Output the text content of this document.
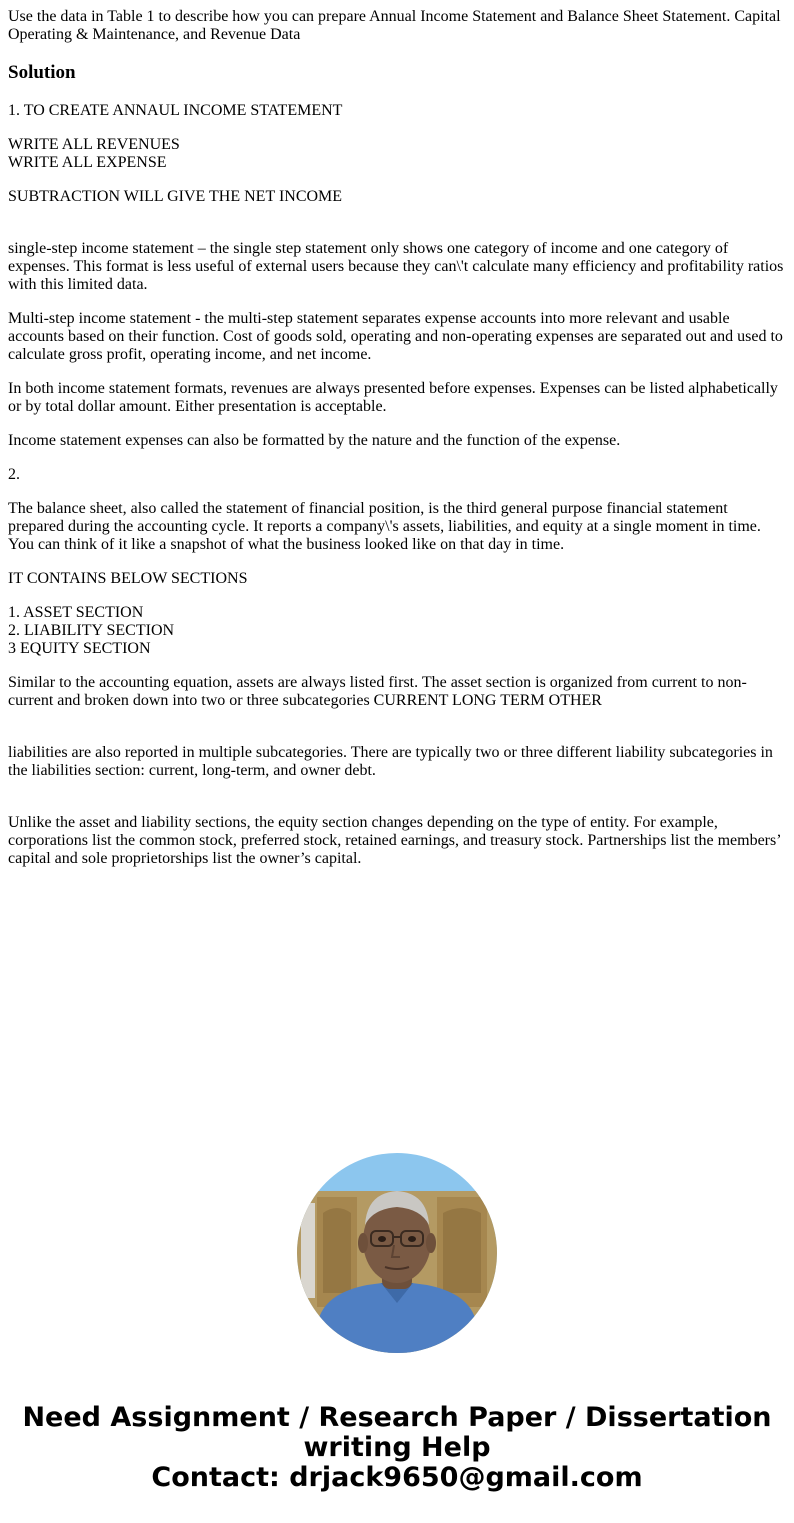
Use the data in Table 1 to describe how you can prepare Annual Income Statement and Balance Sheet Statement. Capital Operating & Maintenance, and Revenue Data

Solution

1. TO CREATE ANNAUL INCOME STATEMENT

WRITE ALL REVENUES
WRITE ALL EXPENSE

SUBTRACTION WILL GIVE THE NET INCOME

single-step income statement – the single step statement only shows one category of income and one category of expenses. This format is less useful of external users because they can\'t calculate many efficiency and profitability ratios with this limited data.

Multi-step income statement - the multi-step statement separates expense accounts into more relevant and usable accounts based on their function. Cost of goods sold, operating and non-operating expenses are separated out and used to calculate gross profit, operating income, and net income.

In both income statement formats, revenues are always presented before expenses. Expenses can be listed alphabetically or by total dollar amount. Either presentation is acceptable.

Income statement expenses can also be formatted by the nature and the function of the expense.

2.

The balance sheet, also called the statement of financial position, is the third general purpose financial statement prepared during the accounting cycle. It reports a company\'s assets, liabilities, and equity at a single moment in time. You can think of it like a snapshot of what the business looked like on that day in time.

IT CONTAINS BELOW SECTIONS

1. ASSET SECTION
2. LIABILITY SECTION
3 EQUITY SECTION

Similar to the accounting equation, assets are always listed first. The asset section is organized from current to non-current and broken down into two or three subcategories CURRENT LONG TERM OTHER

liabilities are also reported in multiple subcategories. There are typically two or three different liability subcategories in the liabilities section: current, long-term, and owner debt.

Unlike the asset and liability sections, the equity section changes depending on the type of entity. For example, corporations list the common stock, preferred stock, retained earnings, and treasury stock. Partnerships list the members’ capital and sole proprietorships list the owner’s capital.

Need Assignment / Research Paper / Dissertation
writing Help
Contact: drjack9650@gmail.com
